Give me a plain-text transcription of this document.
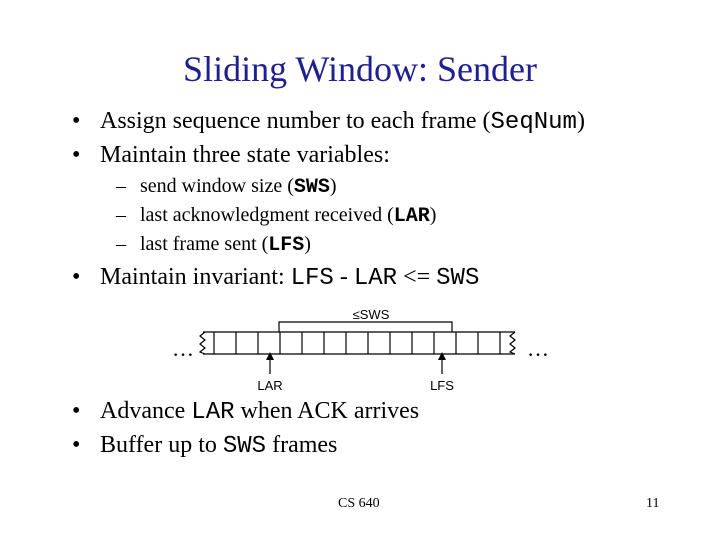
Sliding Window: Sender
• Assign sequence number to each frame (SeqNum)
• Maintain three state variables:
– send window size (SWS)
– last acknowledgment received (LAR)
– last frame sent (LFS)
• Maintain invariant: LFS - LAR <= SWS
≤SWS
…	…
LAR	LFS
• Advance LAR when ACK arrives
• Buffer up to SWS frames
CS 640	11
